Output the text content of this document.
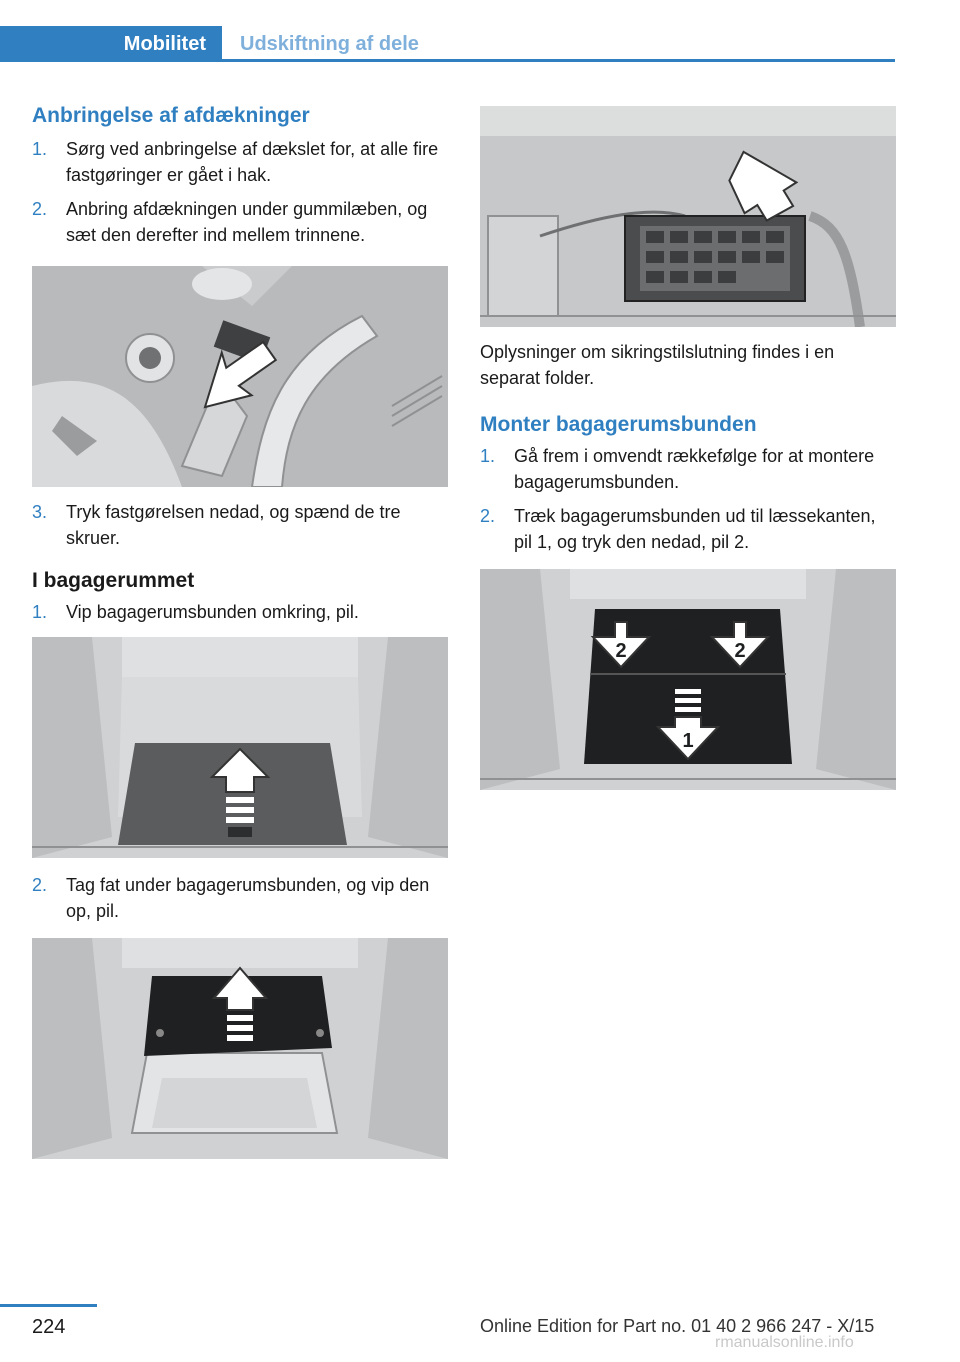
Mobilitet	Udskiftning af dele
Anbringelse af afdækninger
1. Sørg ved anbringelse af dækslet for, at alle fire fastgøringer er gået i hak.
2. Anbring afdækningen under gummilæben, og sæt den derefter ind mellem trinnene.
3. Tryk fastgørelsen nedad, og spænd de tre skruer.
I bagagerummet
1. Vip bagagerumsbunden omkring, pil.
2. Tag fat under bagagerumsbunden, og vip den op, pil.

Oplysninger om sikringstilslutning findes i en separat folder.

Monter bagagerumsbunden
1. Gå frem i omvendt rækkefølge for at montere bagagerumsbunden.
2. Træk bagagerumsbunden ud til læssekanten, pil 1, og tryk den nedad, pil 2.
2	2
1
224	Online Edition for Part no. 01 40 2 966 247 - X/15
rmanualsonline.info
